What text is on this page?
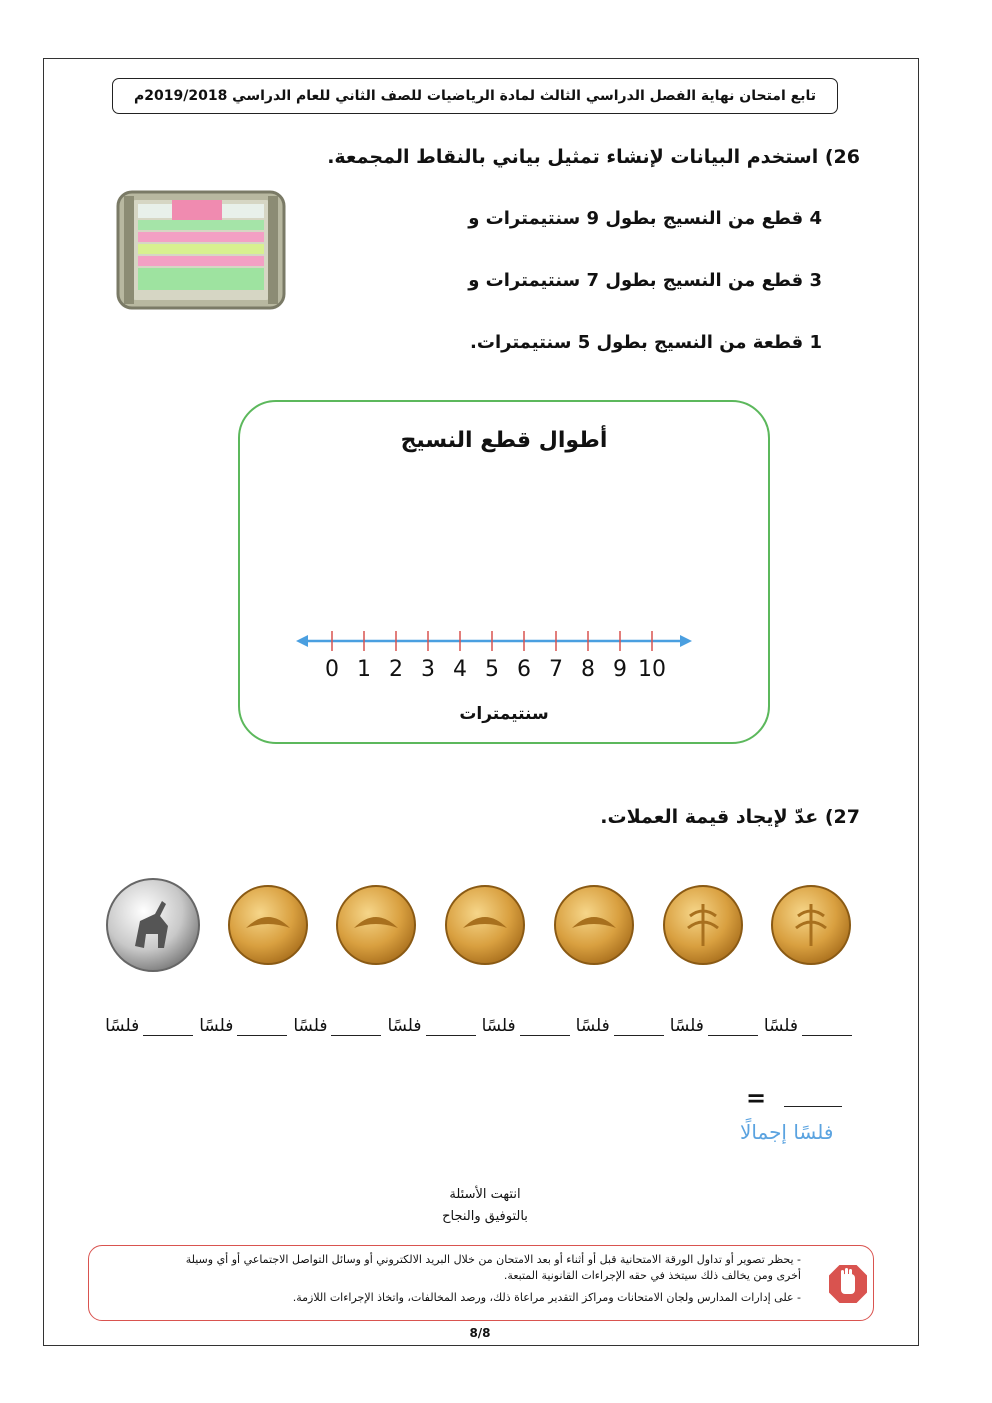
تابع امتحان نهاية الفصل الدراسي الثالث لمادة الرياضيات للصف الثاني للعام الدراسي 2019/2018م
26) استخدم البيانات لإنشاء تمثيل بياني بالنقاط المجمعة.
4 قطع من النسيج بطول 9 سنتيمترات و
3 قطع من النسيج بطول 7 سنتيمترات و
1 قطعة من النسيج بطول 5 سنتيمترات.
أطوال قطع النسيج
0 1 2 3 4 5 6 7 8 9 10
سنتيمترات
27) عدّ لإيجاد قيمة العملات.
فلسًافلسًافلسًافلسًافلسًافلسًافلسًافلسًا
=
فلسًا إجمالًا
انتهت الأسئلة
بالتوفيق والنجاح
- يحظر تصوير أو تداول الورقة الامتحانية قبل أو أثناء أو بعد الامتحان من خلال البريد الالكتروني أو وسائل التواصل الاجتماعي أو أي وسيلة أخرى ومن يخالف ذلك سيتخذ في حقه الإجراءات القانونية المتبعة.
- على إدارات المدارس ولجان الامتحانات ومراكز التقدير مراعاة ذلك، ورصد المخالفات، واتخاذ الإجراءات اللازمة.
8/8
